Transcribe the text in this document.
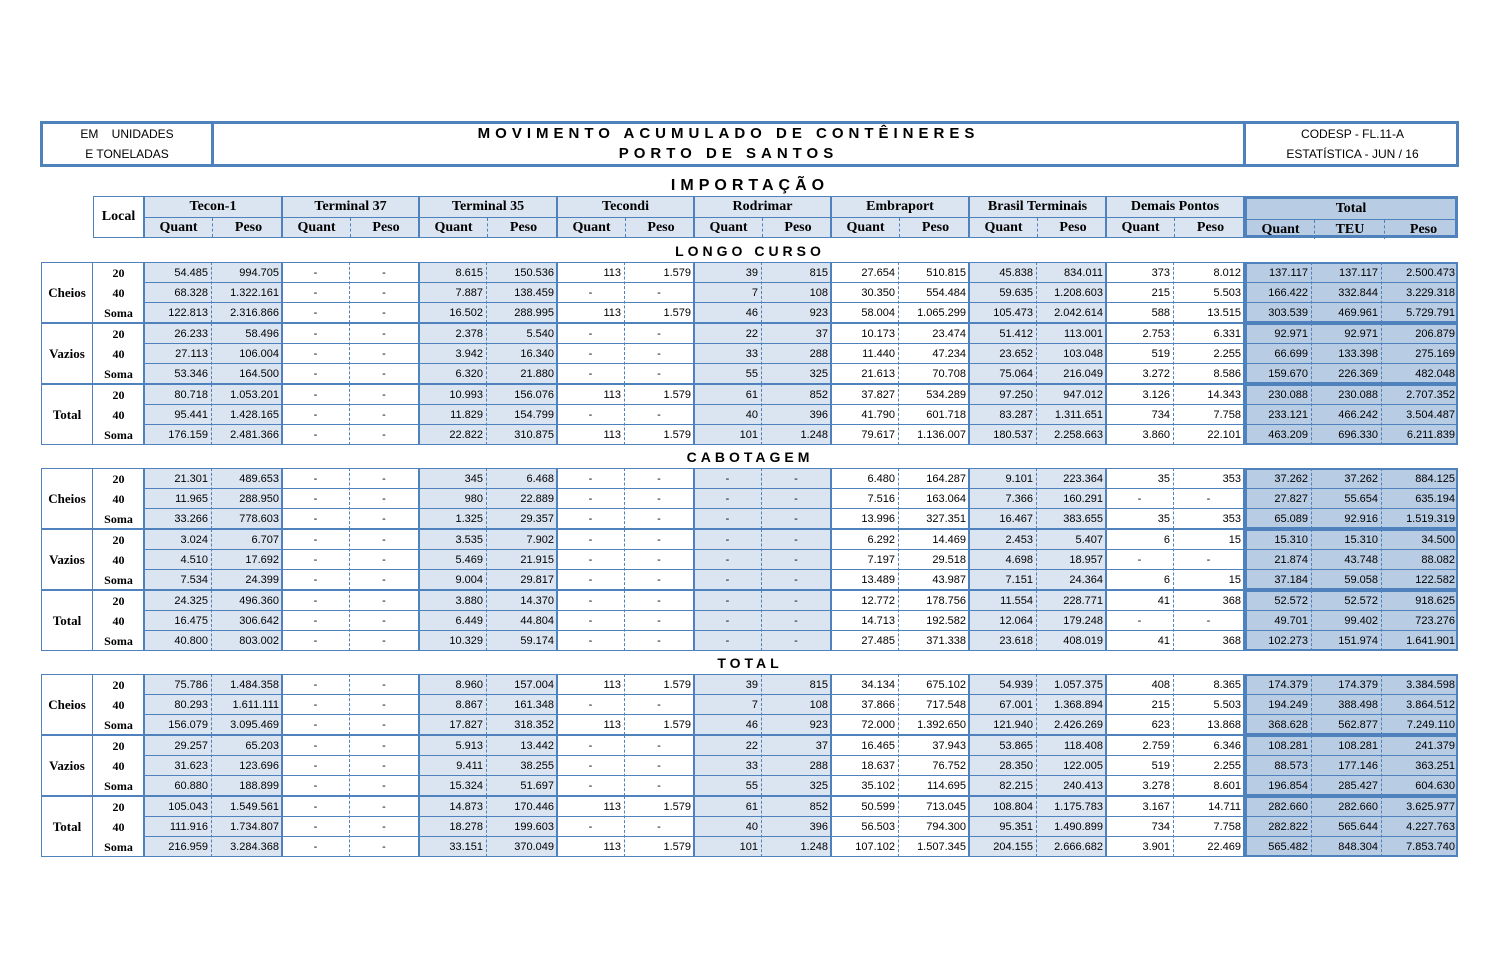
EM    UNIDADES
E TONELADAS
MOVIMENTO ACUMULADO DE CONTÊINERES
PORTO DE SANTOS
CODESP - FL.11-A
ESTATÍSTICA - JUN / 16
IMPORTAÇÃO
Local
Tecon-1
Quant	Peso
Terminal 37
Quant	Peso
Terminal 35
Quant	Peso
Tecondi
Quant	Peso
Rodrimar
Quant	Peso
Embraport
Quant	Peso
Brasil Terminais
Quant	Peso
Demais Pontos
Quant	Peso
Total
Quant	TEU	Peso
LONGO CURSO
Cheios
20	54.485	994.705	-	-	8.615	150.536	113	1.579	39	815	27.654	510.815	45.838	834.011	373	8.012	137.117	137.117	2.500.473
40	68.328	1.322.161	-	-	7.887	138.459	-	-	7	108	30.350	554.484	59.635	1.208.603	215	5.503	166.422	332.844	3.229.318
Soma	122.813	2.316.866	-	-	16.502	288.995	113	1.579	46	923	58.004	1.065.299	105.473	2.042.614	588	13.515	303.539	469.961	5.729.791
Vazios
20	26.233	58.496	-	-	2.378	5.540	-	-	22	37	10.173	23.474	51.412	113.001	2.753	6.331	92.971	92.971	206.879
40	27.113	106.004	-	-	3.942	16.340	-	-	33	288	11.440	47.234	23.652	103.048	519	2.255	66.699	133.398	275.169
Soma	53.346	164.500	-	-	6.320	21.880	-	-	55	325	21.613	70.708	75.064	216.049	3.272	8.586	159.670	226.369	482.048
Total
20	80.718	1.053.201	-	-	10.993	156.076	113	1.579	61	852	37.827	534.289	97.250	947.012	3.126	14.343	230.088	230.088	2.707.352
40	95.441	1.428.165	-	-	11.829	154.799	-	-	40	396	41.790	601.718	83.287	1.311.651	734	7.758	233.121	466.242	3.504.487
Soma	176.159	2.481.366	-	-	22.822	310.875	113	1.579	101	1.248	79.617	1.136.007	180.537	2.258.663	3.860	22.101	463.209	696.330	6.211.839
CABOTAGEM
Cheios
20	21.301	489.653	-	-	345	6.468	-	-	-	-	6.480	164.287	9.101	223.364	35	353	37.262	37.262	884.125
40	11.965	288.950	-	-	980	22.889	-	-	-	-	7.516	163.064	7.366	160.291	-	-	27.827	55.654	635.194
Soma	33.266	778.603	-	-	1.325	29.357	-	-	-	-	13.996	327.351	16.467	383.655	35	353	65.089	92.916	1.519.319
Vazios
20	3.024	6.707	-	-	3.535	7.902	-	-	-	-	6.292	14.469	2.453	5.407	6	15	15.310	15.310	34.500
40	4.510	17.692	-	-	5.469	21.915	-	-	-	-	7.197	29.518	4.698	18.957	-	-	21.874	43.748	88.082
Soma	7.534	24.399	-	-	9.004	29.817	-	-	-	-	13.489	43.987	7.151	24.364	6	15	37.184	59.058	122.582
Total
20	24.325	496.360	-	-	3.880	14.370	-	-	-	-	12.772	178.756	11.554	228.771	41	368	52.572	52.572	918.625
40	16.475	306.642	-	-	6.449	44.804	-	-	-	-	14.713	192.582	12.064	179.248	-	-	49.701	99.402	723.276
Soma	40.800	803.002	-	-	10.329	59.174	-	-	-	-	27.485	371.338	23.618	408.019	41	368	102.273	151.974	1.641.901
TOTAL
Cheios
20	75.786	1.484.358	-	-	8.960	157.004	113	1.579	39	815	34.134	675.102	54.939	1.057.375	408	8.365	174.379	174.379	3.384.598
40	80.293	1.611.111	-	-	8.867	161.348	-	-	7	108	37.866	717.548	67.001	1.368.894	215	5.503	194.249	388.498	3.864.512
Soma	156.079	3.095.469	-	-	17.827	318.352	113	1.579	46	923	72.000	1.392.650	121.940	2.426.269	623	13.868	368.628	562.877	7.249.110
Vazios
20	29.257	65.203	-	-	5.913	13.442	-	-	22	37	16.465	37.943	53.865	118.408	2.759	6.346	108.281	108.281	241.379
40	31.623	123.696	-	-	9.411	38.255	-	-	33	288	18.637	76.752	28.350	122.005	519	2.255	88.573	177.146	363.251
Soma	60.880	188.899	-	-	15.324	51.697	-	-	55	325	35.102	114.695	82.215	240.413	3.278	8.601	196.854	285.427	604.630
Total
20	105.043	1.549.561	-	-	14.873	170.446	113	1.579	61	852	50.599	713.045	108.804	1.175.783	3.167	14.711	282.660	282.660	3.625.977
40	111.916	1.734.807	-	-	18.278	199.603	-	-	40	396	56.503	794.300	95.351	1.490.899	734	7.758	282.822	565.644	4.227.763
Soma	216.959	3.284.368	-	-	33.151	370.049	113	1.579	101	1.248	107.102	1.507.345	204.155	2.666.682	3.901	22.469	565.482	848.304	7.853.740
